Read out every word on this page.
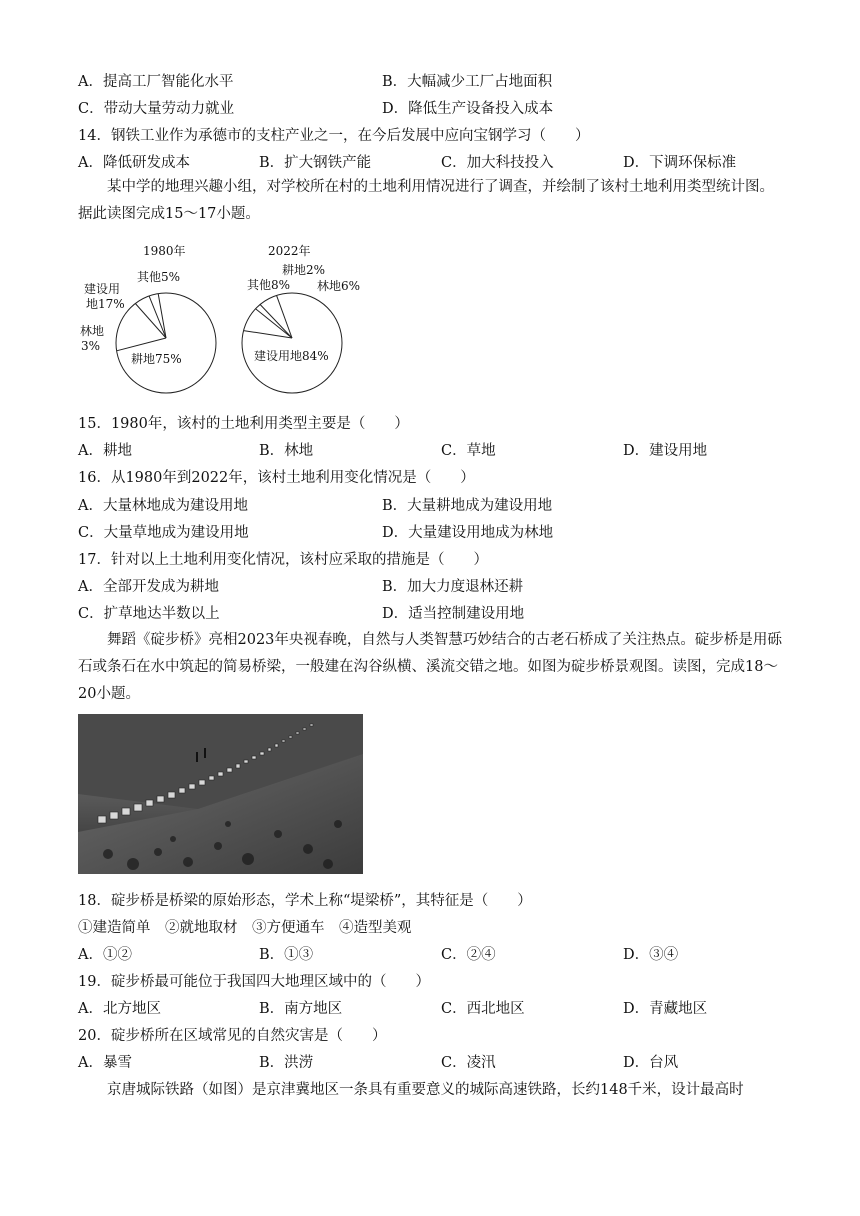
A．提高工厂智能化水平	B．大幅减少工厂占地面积
C．带动大量劳动力就业	D．降低生产设备投入成本
14．钢铁工业作为承德市的支柱产业之一，在今后发展中应向宝钢学习（　　）
A．降低研发成本	B．扩大钢铁产能	C．加大科技投入	D．下调环保标准
某中学的地理兴趣小组，对学校所在村的土地利用情况进行了调查，并绘制了该村土地利用类型统计图。据此读图完成15～17小题。
1980年
建设用
地17%
其他5%
林地
3%
耕地75%
2022年
耕地2%
其他8% 林地6%
建设用地84%
15．1980年，该村的土地利用类型主要是（　　）
A．耕地	B．林地	C．草地	D．建设用地
16．从1980年到2022年，该村土地利用变化情况是（　　）
A．大量林地成为建设用地	B．大量耕地成为建设用地
C．大量草地成为建设用地	D．大量建设用地成为林地
17．针对以上土地利用变化情况，该村应采取的措施是（　　）
A．全部开发成为耕地	B．加大力度退林还耕
C．扩草地达半数以上	D．适当控制建设用地
舞蹈《碇步桥》亮相2023年央视春晚，自然与人类智慧巧妙结合的古老石桥成了关注热点。碇步桥是用砾石或条石在水中筑起的简易桥梁，一般建在沟谷纵横、溪流交错之地。如图为碇步桥景观图。读图，完成18～20小题。
18．碇步桥是桥梁的原始形态，学术上称“堤梁桥”，其特征是（　　）
①建造简单　②就地取材　③方便通车　④造型美观
A．①②	B．①③	C．②④	D．③④
19．碇步桥最可能位于我国四大地理区域中的（　　）
A．北方地区	B．南方地区	C．西北地区	D．青藏地区
20．碇步桥所在区域常见的自然灾害是（　　）
A．暴雪	B．洪涝	C．凌汛	D．台风
京唐城际铁路（如图）是京津冀地区一条具有重要意义的城际高速铁路，长约148千米，设计最高时
